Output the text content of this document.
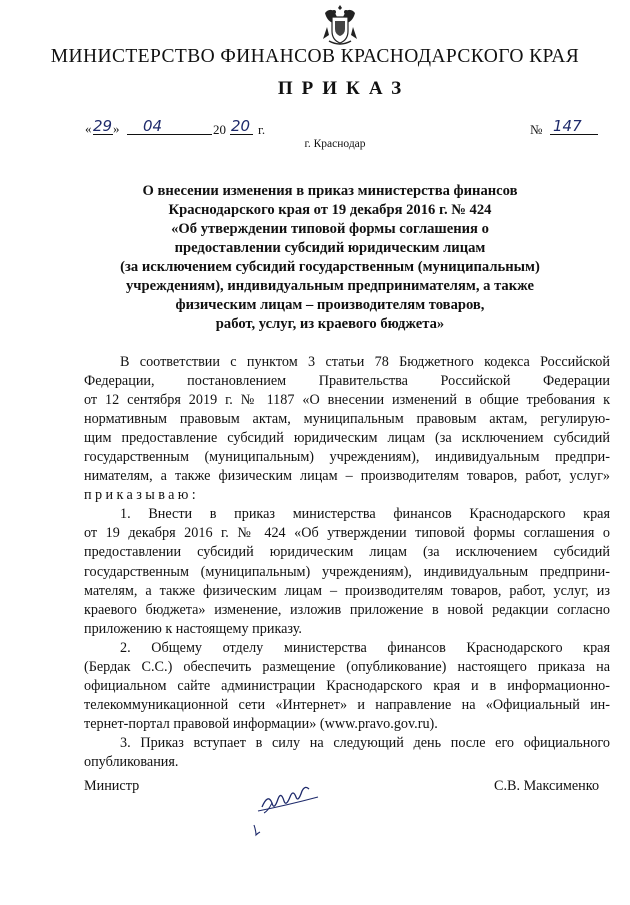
МИНИСТЕРСТВО ФИНАНСОВ КРАСНОДАРСКОГО КРАЯ
ПРИКАЗ
« 29 » 04	20 20 г.	№ 147
г. Краснодар
О внесении изменения в приказ министерства финансов
Краснодарского края от 19 декабря 2016 г. № 424
«Об утверждении типовой формы соглашения о
предоставлении субсидий юридическим лицам
(за исключением субсидий государственным (муниципальным)
учреждениям), индивидуальным предпринимателям, а также
физическим лицам – производителям товаров,
работ, услуг, из краевого бюджета»
В соответствии с пунктом 3 статьи 78 Бюджетного кодекса Российской
Федерации, постановлением Правительства Российской Федерации
от 12 сентября 2019 г. № 1187 «О внесении изменений в общие требования к
нормативным правовым актам, муниципальным правовым актам, регулирую-
щим предоставление субсидий юридическим лицам (за исключением субсидий
государственным (муниципальным) учреждениям), индивидуальным предпри-
нимателям, а также физическим лицам – производителям товаров, работ, услуг»
приказываю:
1. Внести в приказ министерства финансов Краснодарского края
от 19 декабря 2016 г. № 424 «Об утверждении типовой формы соглашения о
предоставлении субсидий юридическим лицам (за исключением субсидий
государственным (муниципальным) учреждениям), индивидуальным предприни-
мателям, а также физическим лицам – производителям товаров, работ, услуг, из
краевого бюджета» изменение, изложив приложение в новой редакции согласно
приложению к настоящему приказу.
2. Общему отделу министерства финансов Краснодарского края
(Бердак С.С.) обеспечить размещение (опубликование) настоящего приказа на
официальном сайте администрации Краснодарского края и в информационно-
телекоммуникационной сети «Интернет» и направление на «Официальный ин-
тернет-портал правовой информации» (www.pravo.gov.ru).
3. Приказ вступает в силу на следующий день после его официального
опубликования.
Министр	С.В. Максименко
